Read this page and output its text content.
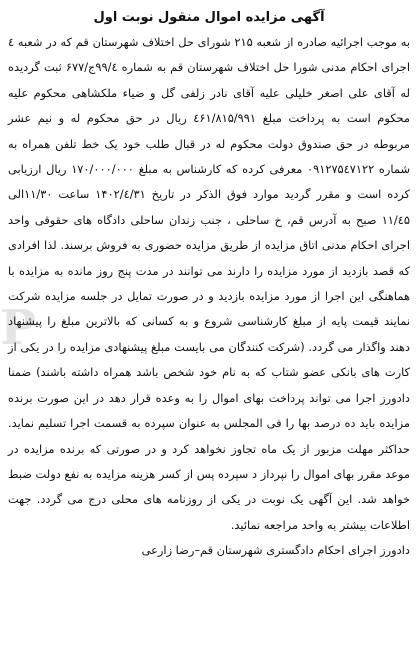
P
آگهی مزایده اموال منقول نوبت اول

به موجب اجرائیه صادره از شعبه ۲۱۵ شورای حل اختلاف شهرستان قم که در شعبه ٤ اجرای احکام مدنی شورا حل اختلاف شهرستان قم به شماره ۹۹/٤ج/۶۷۷ ثبت گردیده له آقای علی اصغر خلیلی علیه آقای نادر زلفی گل و ضیاء ملکشاهی محکوم علیه محکوم است به پرداخت مبلغ ٤۶۱/۸۱۵/۹۹۱ ریال در حق محکوم له و نیم عشر مربوطه در حق صندوق دولت محکوم له در قبال طلب خود یک خط تلفن همراه به شماره ۰۹۱۲۷۵٤۷۱۲۲ معرفی کرده که کارشناس به مبلغ ۱۷۰/۰۰۰/۰۰۰ ریال ارزیابی کرده است و مقرر گردید موارد فوق الذکر در تاریخ ۱۴۰۲/٤/۳۱ ساعت ۱۱/۳۰الی ۱۱/٤۵ صبح به آدرس قم، خ ساحلی ، جنب زندان ساحلی دادگاه های حقوقی واحد اجرای احکام مدنی اتاق مزایده از طریق مزایده حضوری به فروش برسند. لذا افرادی که قصد بازدید از مورد مزایده را دارند می توانند در مدت پنج روز مانده به مزایده با هماهنگی این اجرا از مورد مزایده بازدید و در صورت تمایل در جلسه مزایده شرکت نمایند قیمت پایه از مبلغ کارشناسی شروع و به کسانی که بالاترین مبلغ را پیشنهاد دهند واگذار می گردد. (شرکت کنندگان می بایست مبلغ پیشنهادی مزایده را در یکی از کارت های بانکی عضو شتاب که به نام خود شخص باشد همراه داشته باشند) ضمنا دادورز اجرا می تواند پرداخت بهای اموال را به وعده قرار دهد در این صورت برنده مزایده باید ده درصد بها را فی المجلس به عنوان سپرده به قسمت اجرا تسلیم نماید. حداکثر مهلت مزبور از یک ماه تجاوز نخواهد کرد و در صورتی که برنده مزایده در موعد مقرر بهای اموال را نپرداز د سپرده پس از کسر هزینه مزایده به نفع دولت ضبط خواهد شد. این آگهی یک نوبت در یکی از روزنامه های محلی درج می گردد. جهت اطلاعات بیشتر به واحد مراجعه نمائید.

دادورز اجرای احکام دادگستری شهرستان قم–رضا زارعی
